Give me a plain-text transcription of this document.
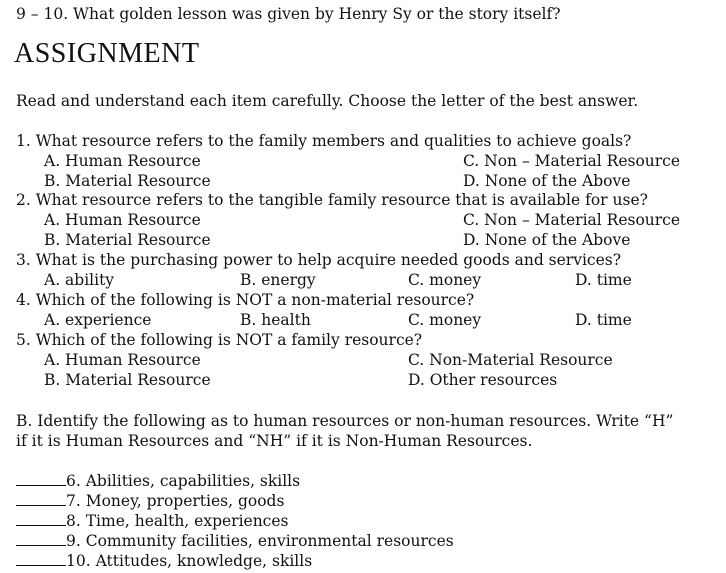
9 – 10. What golden lesson was given by Henry Sy or the story itself?
ASSIGNMENT
Read and understand each item carefully. Choose the letter of the best answer.
1. What resource refers to the family members and qualities to achieve goals?
A. Human Resource	C. Non – Material Resource
B. Material Resource	D. None of the Above
2. What resource refers to the tangible family resource that is available for use?
A. Human Resource	C. Non – Material Resource
B. Material Resource	D. None of the Above
3. What is the purchasing power to help acquire needed goods and services?
A. ability	B. energy	C. money	D. time
4. Which of the following is NOT a non-material resource?
A. experience	B. health	C. money	D. time
5. Which of the following is NOT a family resource?
A. Human Resource	C. Non-Material Resource
B. Material Resource	D. Other resources
B. Identify the following as to human resources or non-human resources. Write “H”
if it is Human Resources and “NH” if it is Non-Human Resources.
6. Abilities, capabilities, skills
7. Money, properties, goods
8. Time, health, experiences
9. Community facilities, environmental resources
10. Attitudes, knowledge, skills
